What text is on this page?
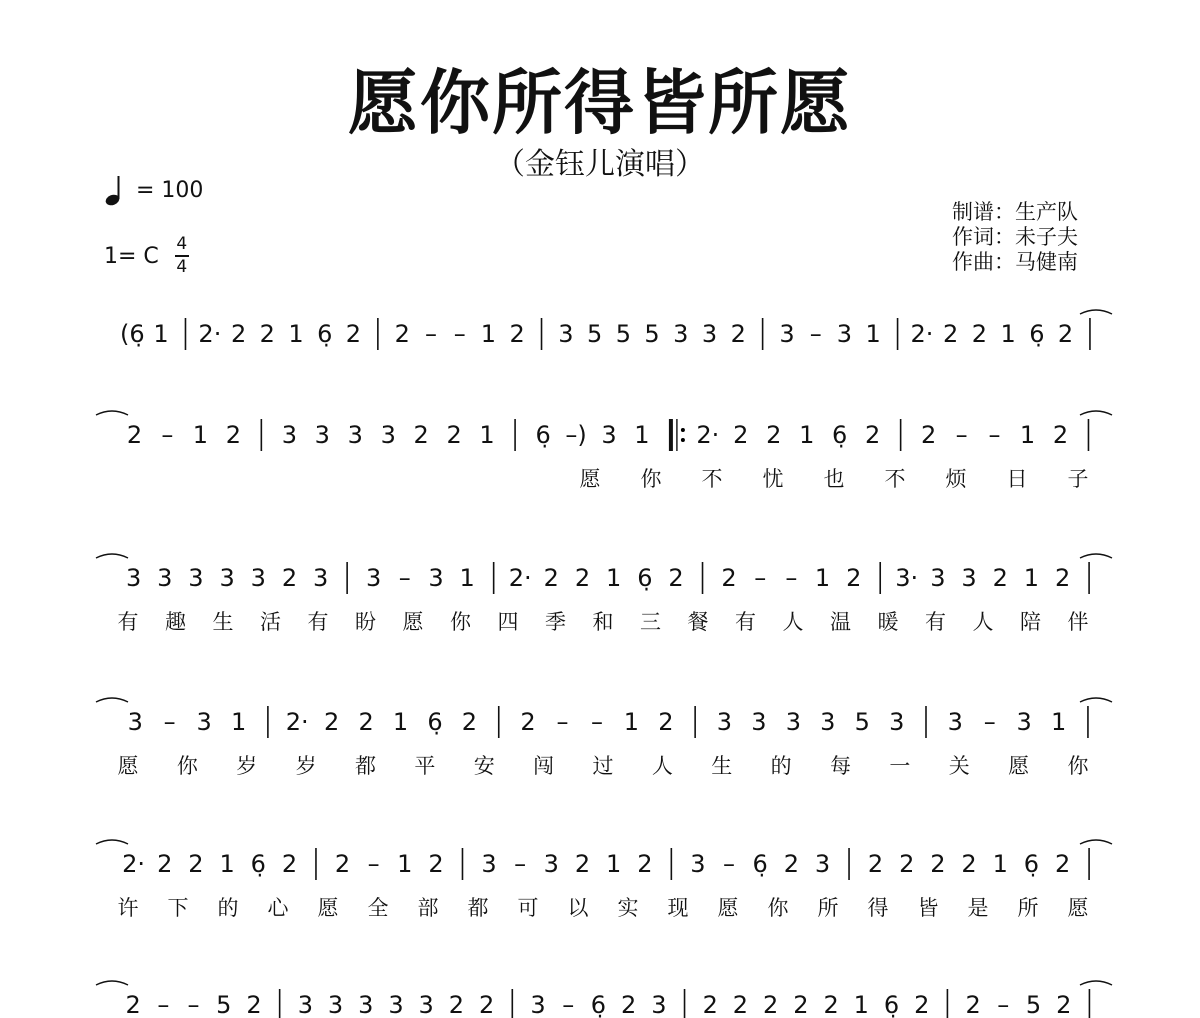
愿你所得皆所愿
（金钰儿演唱）
= 100
1= C $\frac{4}{4}$
制谱：生产队
作词：未子夫
作曲：马健南
(6̣ 1 2· 2 2 1 6̣ 2 2 – – 1 2 3 5 5 5 3 3 2 3 – 3 1 2· 2 2 1 6̣ 2
2 – 1 2 3 3 3 3 2 2 1 6̣ –) 3 1 2· 2 2 1 6̣ 2 2 – – 1 2
愿 你 不 忧 也 不 烦 日 子
3 3 3 3 3 2 3 3 – 3 1 2· 2 2 1 6̣ 2 2 – – 1 2 3· 3 3 2 1 2
有 趣 生 活 有 盼 愿 你 四 季 和 三 餐 有 人 温 暖 有 人 陪 伴
3 – 3 1 2· 2 2 1 6̣ 2 2 – – 1 2 3 3 3 3 5 3 3 – 3 1
愿 你 岁 岁 都 平 安 闯 过 人 生 的 每 一 关 愿 你
2· 2 2 1 6̣ 2 2 – 1 2 3 – 3 2 1 2 3 – 6̣ 2 3 2 2 2 2 1 6̣ 2
许 下 的 心 愿 全 部 都 可 以 实 现 愿 你 所 得 皆 是 所 愿
2 – – 5 2 3 3 3 3 3 2 2 3 – 6̣ 2 3 2 2 2 2 2 1 6̣ 2 2 – 5 2
